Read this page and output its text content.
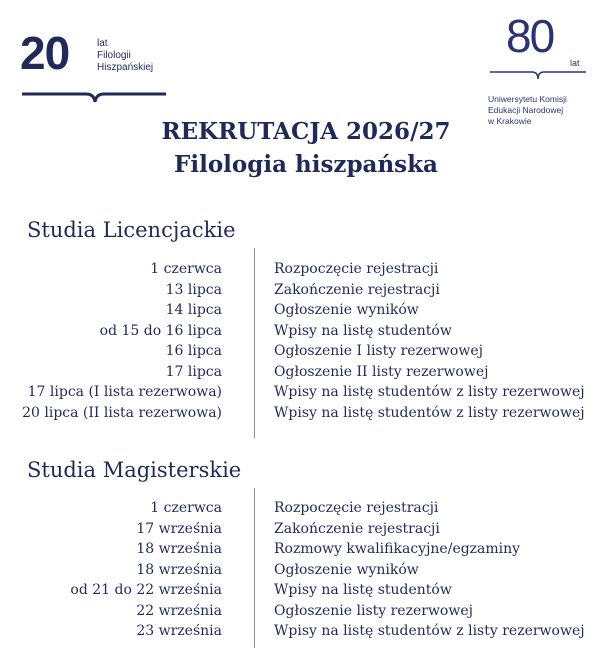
20	lat
Filologii
Hiszpańskiej
80
lat
Uniwersytetu Komisji
Edukacji Narodowej
w Krakowie
REKRUTACJA 2026/27
Filologia hiszpańska
Studia Licencjackie
1 czerwca	Rozpoczęcie rejestracji
13 lipca	Zakończenie rejestracji
14 lipca	Ogłoszenie wyników
od 15 do 16 lipca	Wpisy na listę studentów
16 lipca	Ogłoszenie I listy rezerwowej
17 lipca	Ogłoszenie II listy rezerwowej
17 lipca (I lista rezerwowa)	Wpisy na listę studentów z listy rezerwowej
20 lipca (II lista rezerwowa)	Wpisy na listę studentów z listy rezerwowej
Studia Magisterskie
1 czerwca	Rozpoczęcie rejestracji
17 września	Zakończenie rejestracji
18 września	Rozmowy kwalifikacyjne/egzaminy
18 września	Ogłoszenie wyników
od 21 do 22 września	Wpisy na listę studentów
22 września	Ogłoszenie listy rezerwowej
23 września	Wpisy na listę studentów z listy rezerwowej
